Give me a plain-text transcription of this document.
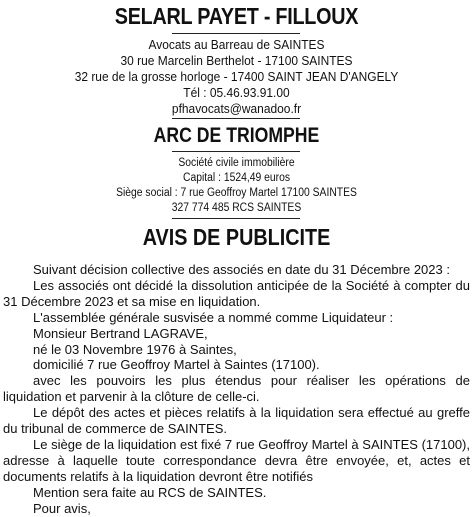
SELARL PAYET - FILLOUX
Avocats au Barreau de SAINTES
30 rue Marcelin Berthelot - 17100 SAINTES
32 rue de la grosse horloge - 17400 SAINT JEAN D'ANGELY
Tél : 05.46.93.91.00
pfhavocats@wanadoo.fr
ARC DE TRIOMPHE
Société civile immobilière
Capital : 1524,49 euros
Siège social : 7 rue Geoffroy Martel 17100 SAINTES
327 774 485 RCS SAINTES
AVIS DE PUBLICITE

Suivant décision collective des associés en date du 31 Décembre 2023 :

Les associés ont décidé la dissolution anticipée de la Société à compter du 31 Décembre 2023 et sa mise en liquidation.

L'assemblée générale susvisée a nommé comme Liquidateur :

Monsieur Bertrand LAGRAVE,

né le 03 Novembre 1976 à Saintes,

domicilié 7 rue Geoffroy Martel à Saintes (17100).

avec les pouvoirs les plus étendus pour réaliser les opérations de liquidation et parvenir à la clôture de celle-ci.

Le dépôt des actes et pièces relatifs à la liquidation sera effectué au greffe du tribunal de commerce de SAINTES.

Le siège de la liquidation est fixé 7 rue Geoffroy Martel à SAINTES (17100), adresse à laquelle toute correspondance devra être envoyée, et, actes et documents relatifs à la liquidation devront être notifiés

Mention sera faite au RCS de SAINTES.

Pour avis,
